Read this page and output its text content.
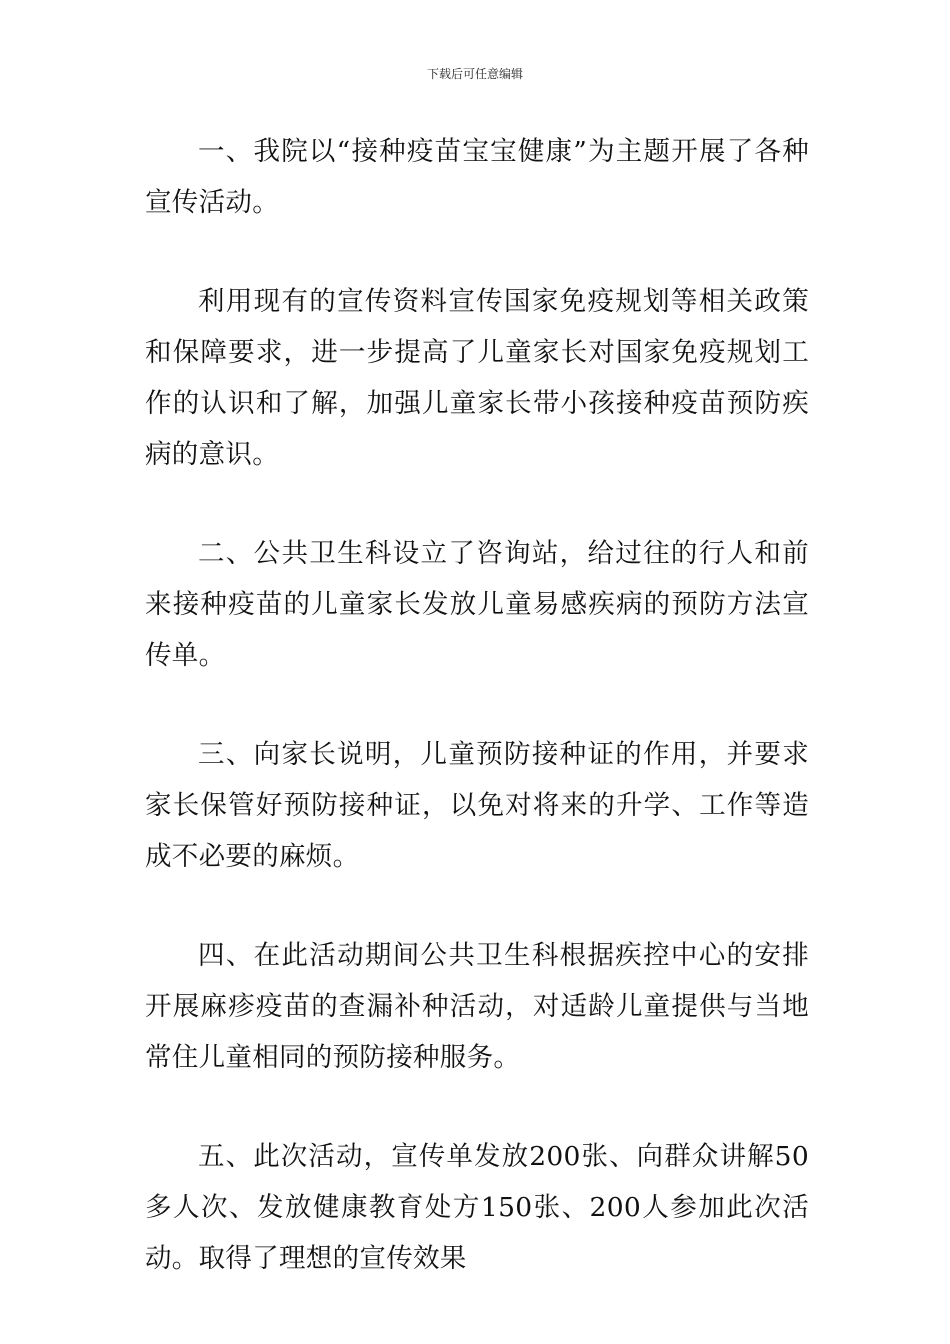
下载后可任意编辑

一、我院以“接种疫苗宝宝健康”为主题开展了各种宣传活动。

利用现有的宣传资料宣传国家免疫规划等相关政策和保障要求，进一步提高了儿童家长对国家免疫规划工作的认识和了解，加强儿童家长带小孩接种疫苗预防疾病的意识。

二、公共卫生科设立了咨询站，给过往的行人和前来接种疫苗的儿童家长发放儿童易感疾病的预防方法宣传单。

三、向家长说明，儿童预防接种证的作用，并要求家长保管好预防接种证，以免对将来的升学、工作等造成不必要的麻烦。

四、在此活动期间公共卫生科根据疾控中心的安排开展麻疹疫苗的查漏补种活动，对适龄儿童提供与当地常住儿童相同的预防接种服务。

五、此次活动，宣传单发放200张、向群众讲解50多人次、发放健康教育处方150张、200人参加此次活动。取得了理想的宣传效果
